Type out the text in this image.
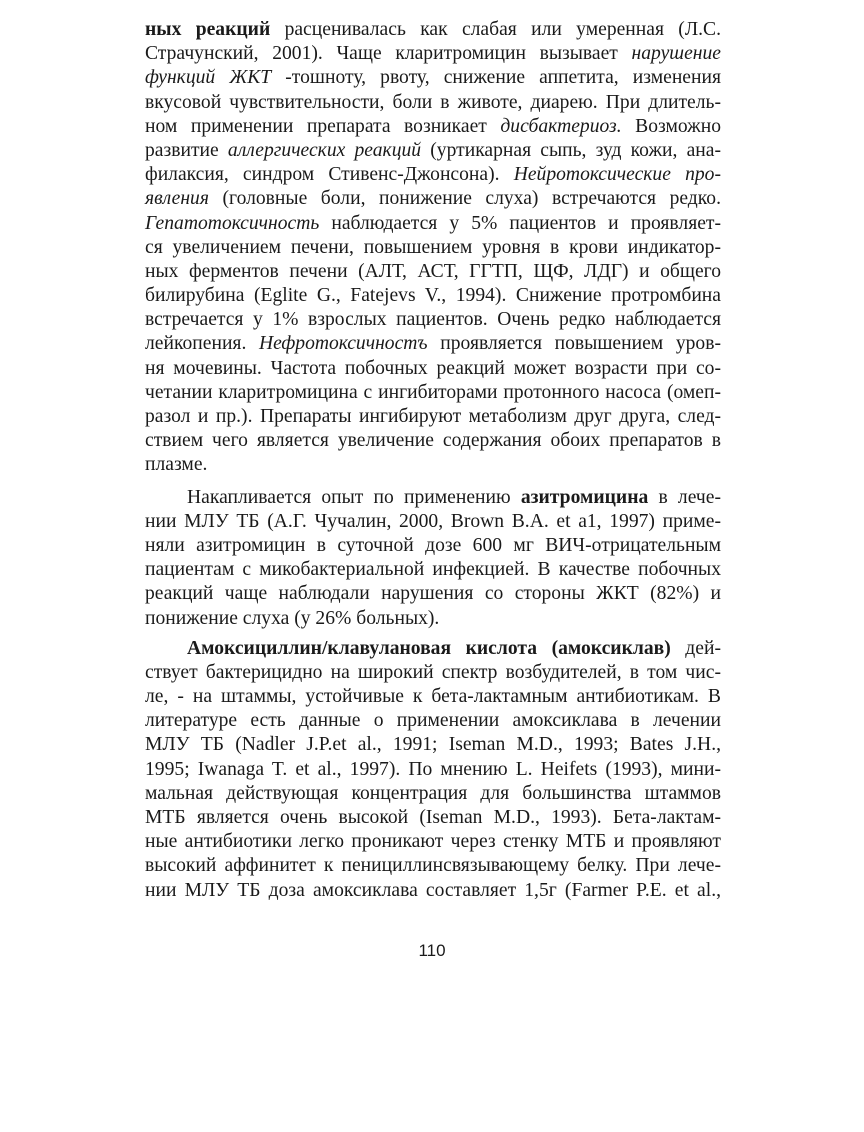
ных реакций расценивалась как слабая или умеренная (Л.С.
Страчунский, 2001). Чаще кларитромицин вызывает нарушение
функций ЖКТ -тошноту, рвоту, снижение аппетита, изменения
вкусовой чувствительности, боли в животе, диарею. При длитель-
ном применении препарата возникает дисбактериоз. Возможно
развитие аллергических реакций (уртикарная сыпь, зуд кожи, ана-
филаксия, синдром Стивенс-Джонсона). Нейротоксические про-
явления (головные боли, понижение слуха) встречаются редко.
Гепатотоксичность наблюдается у 5% пациентов и проявляет-
ся увеличением печени, повышением уровня в крови индикатор-
ных ферментов печени (АЛТ, АСТ, ГГТП, ЩФ, ЛДГ) и общего
билирубина (Eglite G., Fatejevs V., 1994). Снижение протромбина
встречается у 1% взрослых пациентов. Очень редко наблюдается
лейкопения. Нефротоксичностъ проявляется повышением уров-
ня мочевины. Частота побочных реакций может возрасти при со-
четании кларитромицина с ингибиторами протонного насоса (омеп-
разол и пр.). Препараты ингибируют метаболизм друг друга, след-
ствием чего является увеличение содержания обоих препаратов в
плазме.
Накапливается опыт по применению азитромицина в лече-
нии МЛУ ТБ (А.Г. Чучалин, 2000, Brown B.A. et a1, 1997) приме-
няли азитромицин в суточной дозе 600 мг ВИЧ-отрицательным
пациентам с микобактериальной инфекцией. В качестве побочных
реакций чаще наблюдали нарушения со стороны ЖКТ (82%) и
понижение слуха (у 26% больных).
Амоксициллин/клавулановая кислота (амоксиклав) дей-
ствует бактерицидно на широкий спектр возбудителей, в том чис-
ле, - на штаммы, устойчивые к бета-лактамным антибиотикам. В
литературе есть данные о применении амоксиклава в лечении
МЛУ ТБ (Nadler J.P.et al., 1991; Iseman M.D., 1993; Bates J.H.,
1995; Iwanaga T. et al., 1997). По мнению L. Heifets (1993), мини-
мальная действующая концентрация для большинства штаммов
МТБ является очень высокой (Iseman M.D., 1993). Бета-лактам-
ные антибиотики легко проникают через стенку МТБ и проявляют
высокий аффинитет к пенициллинсвязывающему белку. При лече-
нии МЛУ ТБ доза амоксиклава составляет 1,5г (Farmer P.E. et al.,
110
